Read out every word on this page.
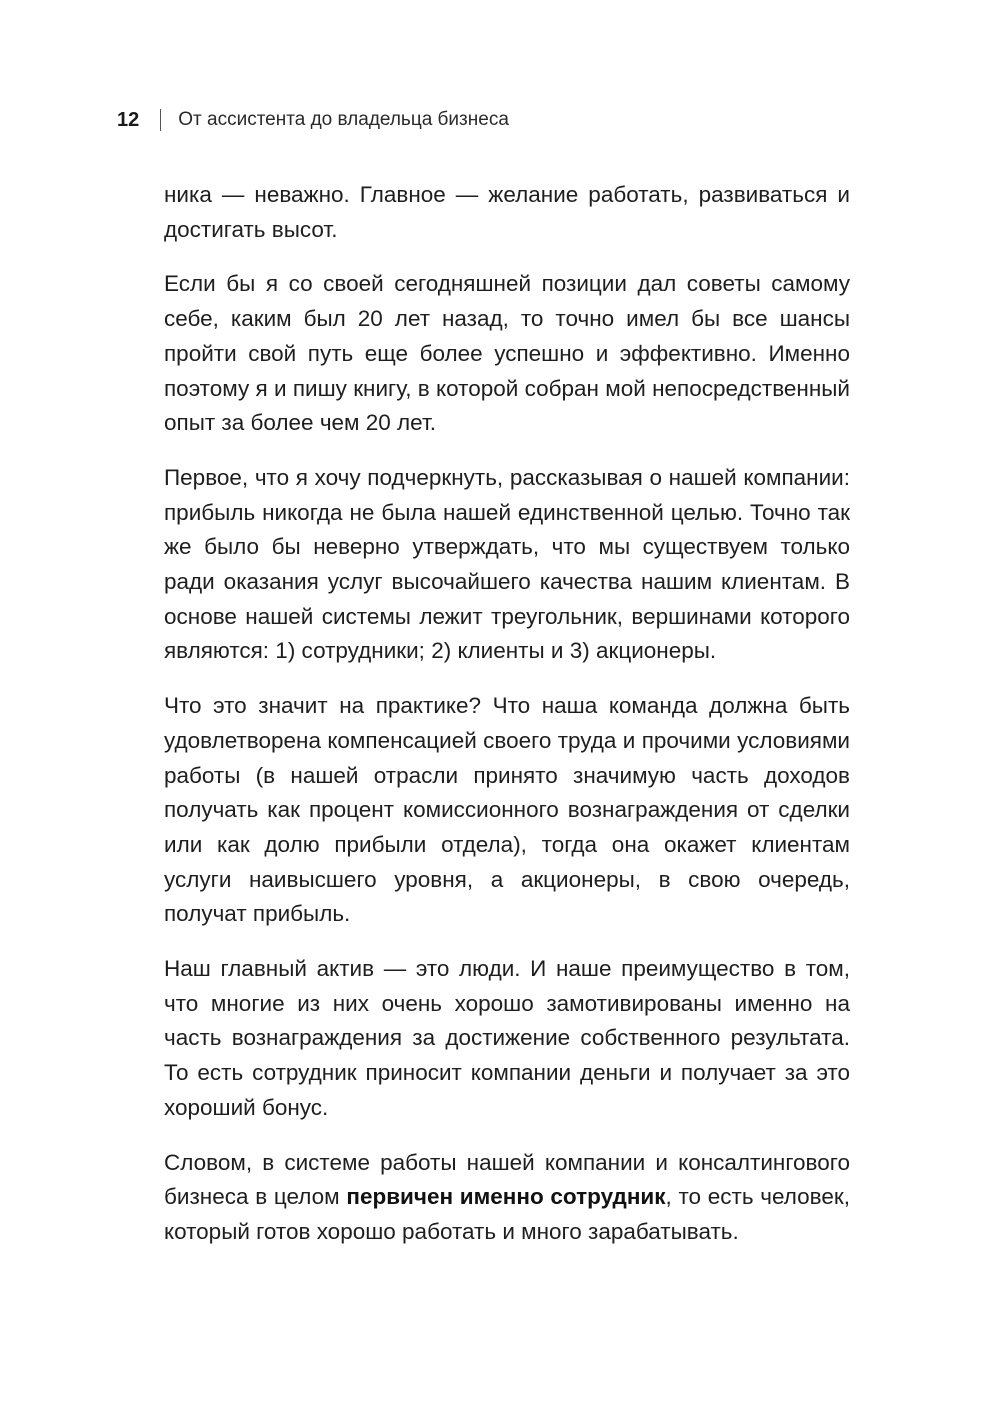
12 От ассистента до владельца бизнеса

ника — неважно. Главное — желание работать, развиваться и достигать высот.

Если бы я со своей сегодняшней позиции дал советы самому себе, каким был 20 лет назад, то точно имел бы все шансы пройти свой путь еще более успешно и эффективно. Именно поэтому я и пишу книгу, в которой собран мой непосредственный опыт за более чем 20 лет.

Первое, что я хочу подчеркнуть, рассказывая о нашей компании: прибыль никогда не была нашей единственной целью. Точно так же было бы неверно утверждать, что мы существуем только ради оказания услуг высочайшего качества нашим клиентам. В основе нашей системы лежит треугольник, вершинами которого являются: 1) сотрудники; 2) клиенты и 3) акционеры.

Что это значит на практике? Что наша команда должна быть удовлетворена компенсацией своего труда и прочими условиями работы (в нашей отрасли принято значимую часть доходов получать как процент комиссионного вознаграждения от сделки или как долю прибыли отдела), тогда она окажет клиентам услуги наивысшего уровня, а акционеры, в свою очередь, получат прибыль.

Наш главный актив — это люди. И наше преимущество в том, что многие из них очень хорошо замотивированы именно на часть вознаграждения за достижение собственного результата. То есть сотрудник приносит компании деньги и получает за это хороший бонус.

Словом, в системе работы нашей компании и консалтингового бизнеса в целом первичен именно сотрудник, то есть человек, который готов хорошо работать и много зарабатывать.
